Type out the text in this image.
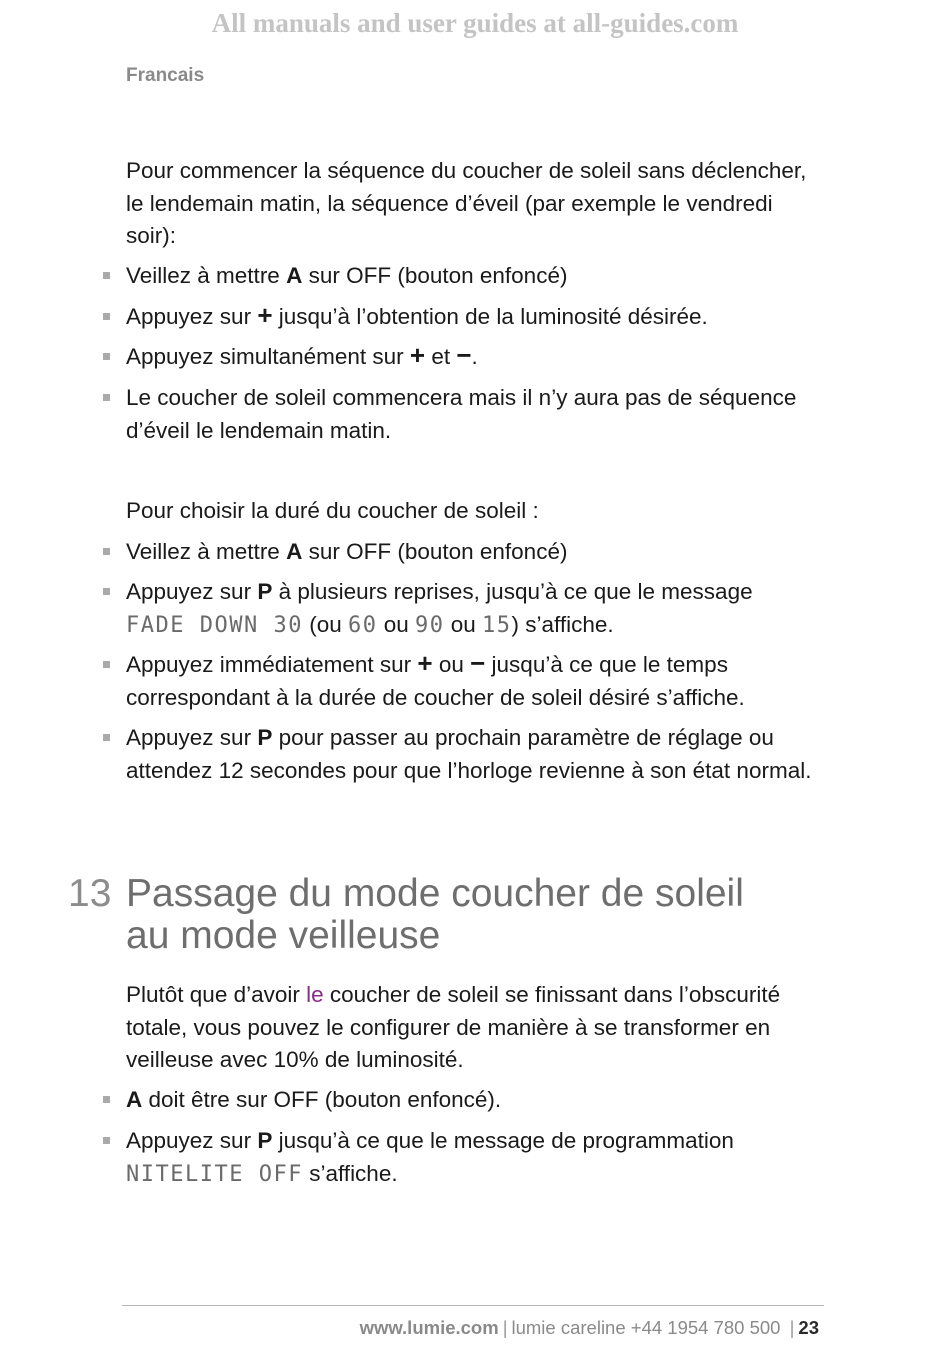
All manuals and user guides at all-guides.com
Francais
Pour commencer la séquence du coucher de soleil sans déclencher, le lendemain matin, la séquence d’éveil (par exemple le vendredi soir):
Veillez à mettre A sur OFF (bouton enfoncé)
Appuyez sur + jusqu’à l’obtention de la luminosité désirée.
Appuyez simultanément sur + et −.
Le coucher de soleil commencera mais il n’y aura pas de séquence d’éveil le lendemain matin.
Pour choisir la duré du coucher de soleil :
Veillez à mettre A sur OFF (bouton enfoncé)
Appuyez sur P à plusieurs reprises, jusqu’à ce que le message
FADE DOWN 30 (ou 60 ou 90 ou 15) s’affiche.
Appuyez immédiatement sur + ou − jusqu’à ce que le temps correspondant à la durée de coucher de soleil désiré s’affiche.
Appuyez sur P pour passer au prochain paramètre de réglage ou attendez 12 secondes pour que l’horloge revienne à son état normal.
13 Passage du mode coucher de soleil
au mode veilleuse
Plutôt que d’avoir le coucher de soleil se finissant dans l’obscurité totale, vous pouvez le configurer de manière à se transformer en veilleuse avec 10% de luminosité.
A doit être sur OFF (bouton enfoncé).
Appuyez sur P jusqu’à ce que le message de programmation
NITELITE OFF s’affiche.
www.lumie.com | lumie careline +44 1954 780 500 | 23
